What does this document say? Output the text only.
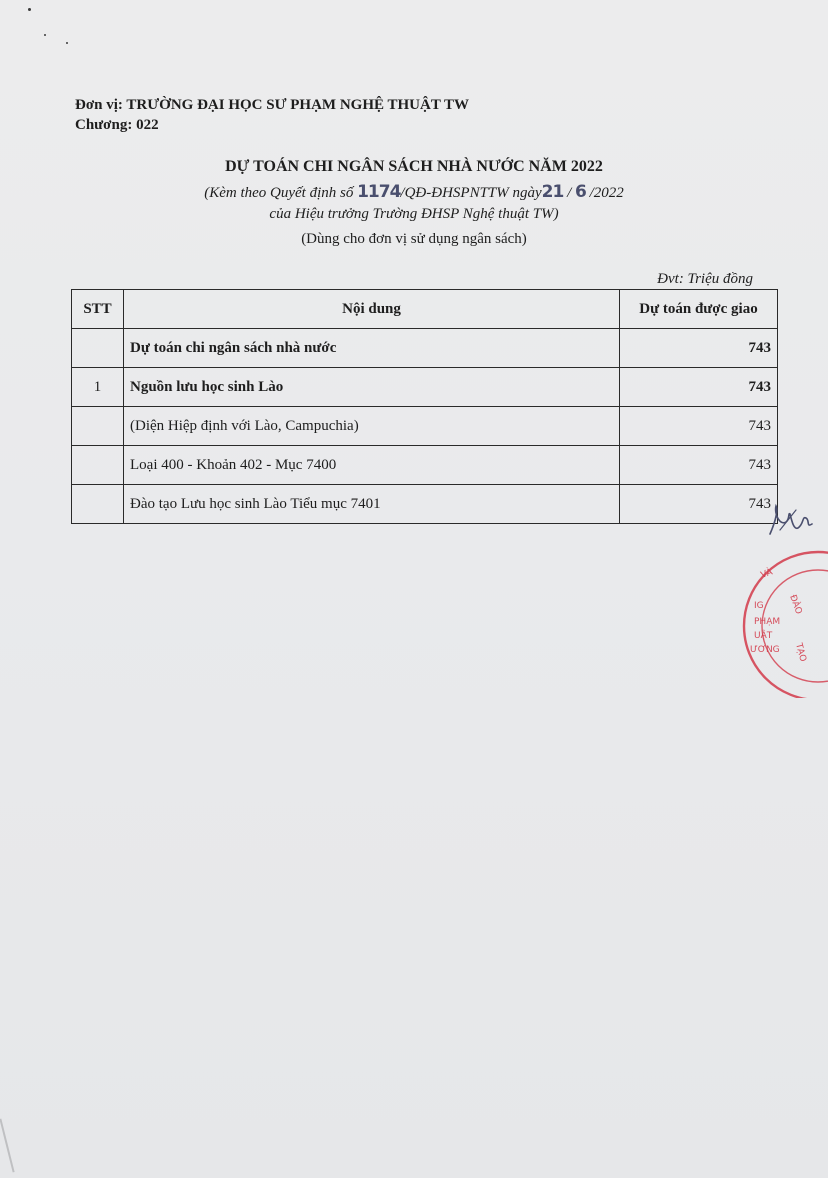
Đơn vị: TRƯỜNG ĐẠI HỌC SƯ PHẠM NGHỆ THUẬT TW
Chương: 022
DỰ TOÁN CHI NGÂN SÁCH NHÀ NƯỚC NĂM 2022
(Kèm theo Quyết định số 1174/QĐ-ĐHSPNTTW ngày21 / 6 /2022
của Hiệu trưởng Trường ĐHSP Nghệ thuật TW)
(Dùng cho đơn vị sử dụng ngân sách)
Đvt: Triệu đồng
STT	Nội dung	Dự toán được giao
	Dự toán chi ngân sách nhà nước	743
1	Nguồn lưu học sinh Lào	743
	(Diện Hiệp định với Lào, Campuchia)	743
	Loại 400 - Khoản 402 - Mục 7400	743
	Đào tạo Lưu học sinh Lào Tiểu mục 7401	743
VÀ
ĐÀO
TẠO
IG
PHẠM
UẬT
ƯƠNG
